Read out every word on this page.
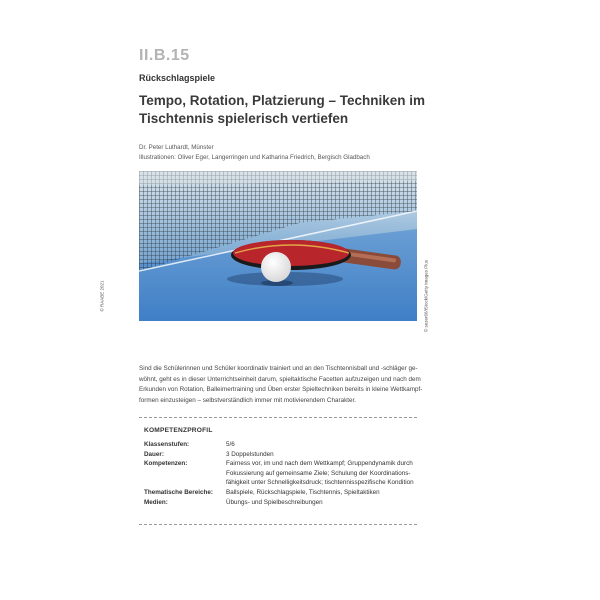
II.B.15
Rückschlagspiele
Tempo, Rotation, Platzierung – Techniken im
Tischtennis spielerisch vertiefen
Dr. Peter Luthardt, Münster
Illustrationen: Oliver Eger, Langerringen und Katharina Friedrich, Bergisch Gladbach
© RAABE 2021	© sezer66/iStock/Getty Images Plus
Sind die Schülerinnen und Schüler koordinativ trainiert und an den Tischtennisball und -schläger ge-
wöhnt, geht es in dieser Unterrichtseinheit darum, spieltaktische Facetten aufzuzeigen und nach dem
Erkunden von Rotation, Balleimertraining und Üben erster Spieltechniken bereits in kleine Wettkampf-
formen einzusteigen – selbstverständlich immer mit motivierendem Charakter.
KOMPETENZPROFIL
Klassenstufen:	5/6
Dauer:	3 Doppelstunden
Kompetenzen:	Fairness vor, im und nach dem Wettkampf; Gruppendynamik durch
Fokussierung auf gemeinsame Ziele; Schulung der Koordinations-
fähigkeit unter Schnelligkeitsdruck; tischtennisspezifische Kondition
Thematische Bereiche:	Ballspiele, Rückschlagspiele, Tischtennis, Spieltaktiken
Medien:	Übungs- und Spielbeschreibungen
